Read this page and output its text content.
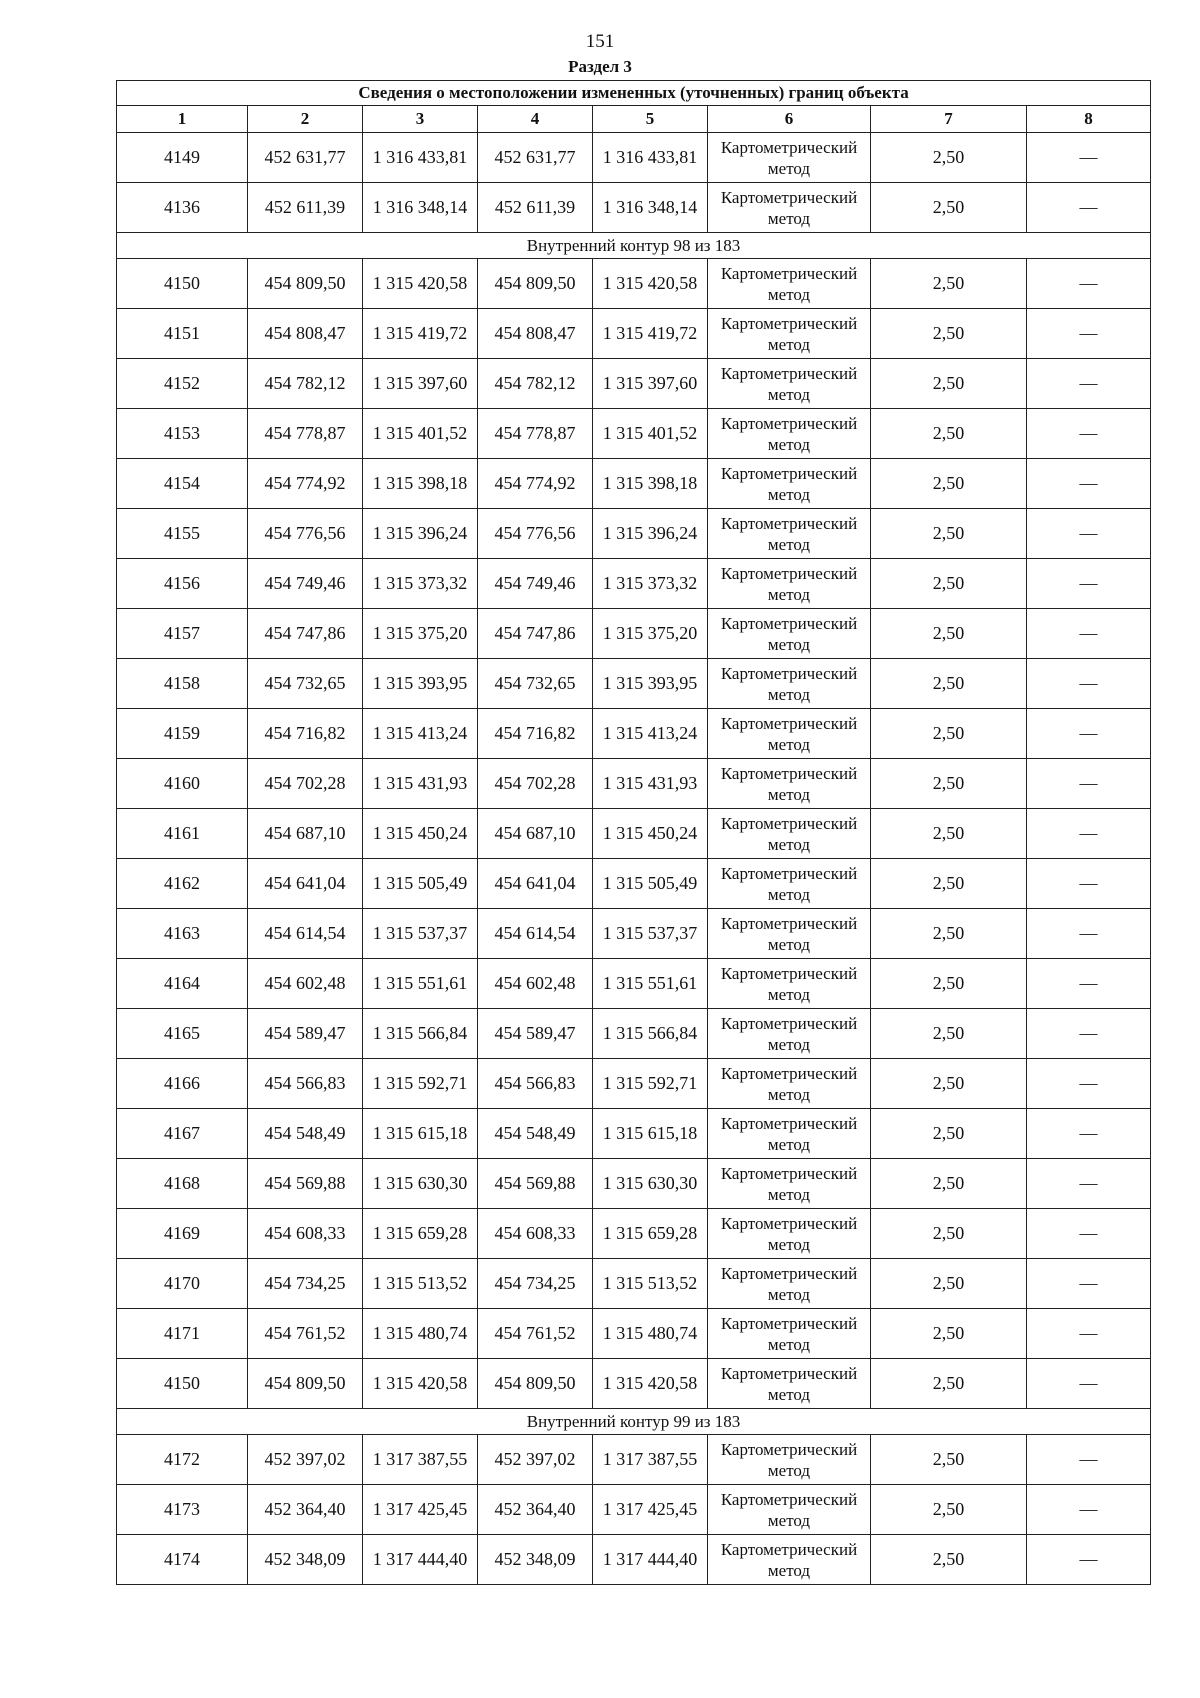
151
Раздел 3
Сведения о местоположении измененных (уточненных) границ объекта							
1	2	3	4	5	6	7	8
4149	452 631,77	1 316 433,81	452 631,77	1 316 433,81	Картометрический метод	2,50	—
4136	452 611,39	1 316 348,14	452 611,39	1 316 348,14	Картометрический метод	2,50	—
Внутренний контур 98 из 183							
4150	454 809,50	1 315 420,58	454 809,50	1 315 420,58	Картометрический метод	2,50	—
4151	454 808,47	1 315 419,72	454 808,47	1 315 419,72	Картометрический метод	2,50	—
4152	454 782,12	1 315 397,60	454 782,12	1 315 397,60	Картометрический метод	2,50	—
4153	454 778,87	1 315 401,52	454 778,87	1 315 401,52	Картометрический метод	2,50	—
4154	454 774,92	1 315 398,18	454 774,92	1 315 398,18	Картометрический метод	2,50	—
4155	454 776,56	1 315 396,24	454 776,56	1 315 396,24	Картометрический метод	2,50	—
4156	454 749,46	1 315 373,32	454 749,46	1 315 373,32	Картометрический метод	2,50	—
4157	454 747,86	1 315 375,20	454 747,86	1 315 375,20	Картометрический метод	2,50	—
4158	454 732,65	1 315 393,95	454 732,65	1 315 393,95	Картометрический метод	2,50	—
4159	454 716,82	1 315 413,24	454 716,82	1 315 413,24	Картометрический метод	2,50	—
4160	454 702,28	1 315 431,93	454 702,28	1 315 431,93	Картометрический метод	2,50	—
4161	454 687,10	1 315 450,24	454 687,10	1 315 450,24	Картометрический метод	2,50	—
4162	454 641,04	1 315 505,49	454 641,04	1 315 505,49	Картометрический метод	2,50	—
4163	454 614,54	1 315 537,37	454 614,54	1 315 537,37	Картометрический метод	2,50	—
4164	454 602,48	1 315 551,61	454 602,48	1 315 551,61	Картометрический метод	2,50	—
4165	454 589,47	1 315 566,84	454 589,47	1 315 566,84	Картометрический метод	2,50	—
4166	454 566,83	1 315 592,71	454 566,83	1 315 592,71	Картометрический метод	2,50	—
4167	454 548,49	1 315 615,18	454 548,49	1 315 615,18	Картометрический метод	2,50	—
4168	454 569,88	1 315 630,30	454 569,88	1 315 630,30	Картометрический метод	2,50	—
4169	454 608,33	1 315 659,28	454 608,33	1 315 659,28	Картометрический метод	2,50	—
4170	454 734,25	1 315 513,52	454 734,25	1 315 513,52	Картометрический метод	2,50	—
4171	454 761,52	1 315 480,74	454 761,52	1 315 480,74	Картометрический метод	2,50	—
4150	454 809,50	1 315 420,58	454 809,50	1 315 420,58	Картометрический метод	2,50	—
Внутренний контур 99 из 183							
4172	452 397,02	1 317 387,55	452 397,02	1 317 387,55	Картометрический метод	2,50	—
4173	452 364,40	1 317 425,45	452 364,40	1 317 425,45	Картометрический метод	2,50	—
4174	452 348,09	1 317 444,40	452 348,09	1 317 444,40	Картометрический метод	2,50	—
